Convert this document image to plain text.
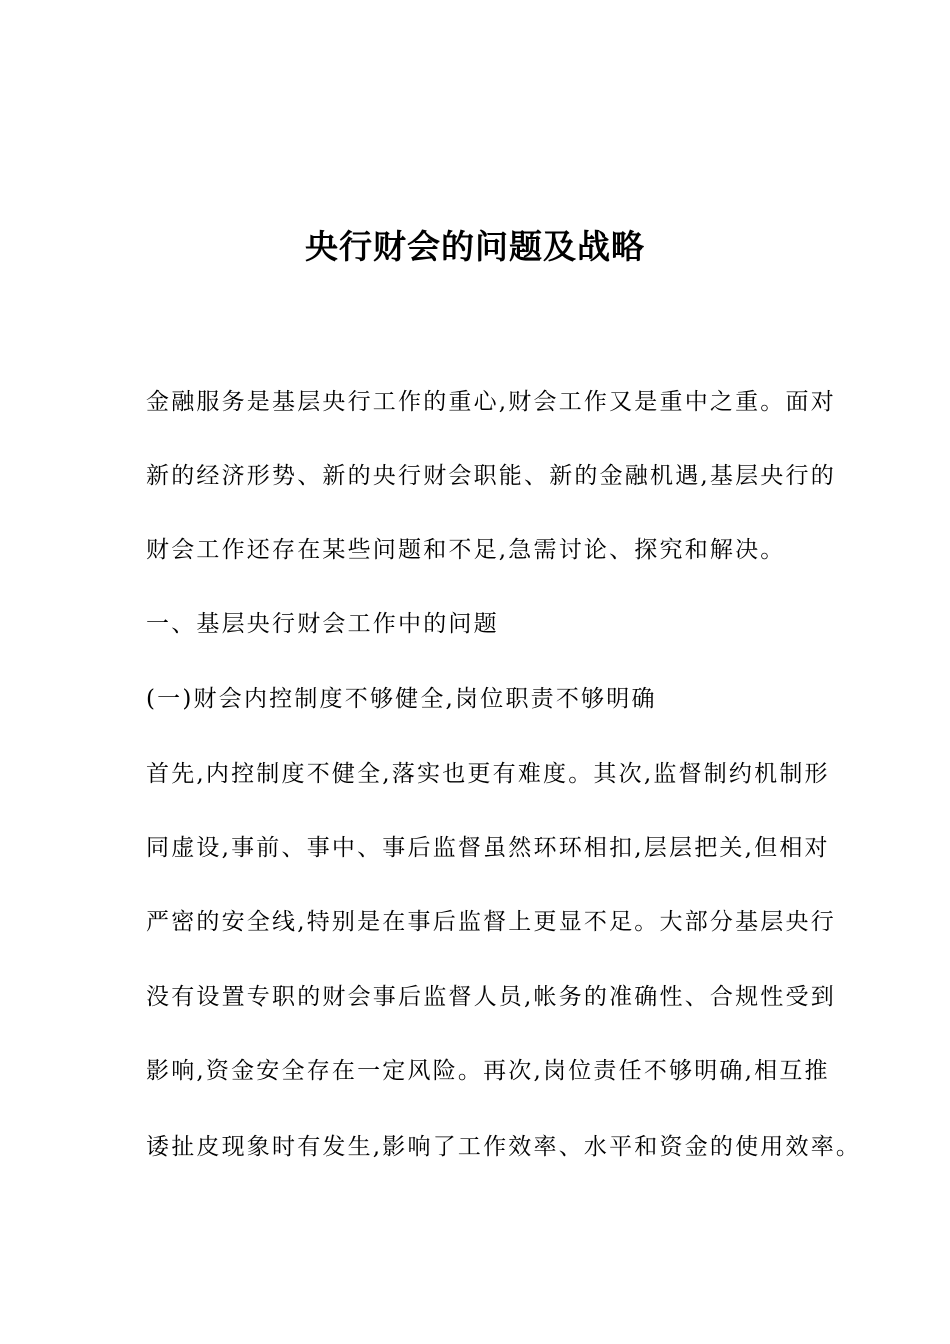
央行财会的问题及战略

金融服务是基层央行工作的重心,财会工作又是重中之重。面对

新的经济形势、新的央行财会职能、新的金融机遇,基层央行的

财会工作还存在某些问题和不足,急需讨论、探究和解决。

一、基层央行财会工作中的问题

(一)财会内控制度不够健全,岗位职责不够明确

首先,内控制度不健全,落实也更有难度。其次,监督制约机制形

同虚设,事前、事中、事后监督虽然环环相扣,层层把关,但相对

严密的安全线,特别是在事后监督上更显不足。大部分基层央行

没有设置专职的财会事后监督人员,帐务的准确性、合规性受到

影响,资金安全存在一定风险。再次,岗位责任不够明确,相互推

诿扯皮现象时有发生,影响了工作效率、水平和资金的使用效率。
